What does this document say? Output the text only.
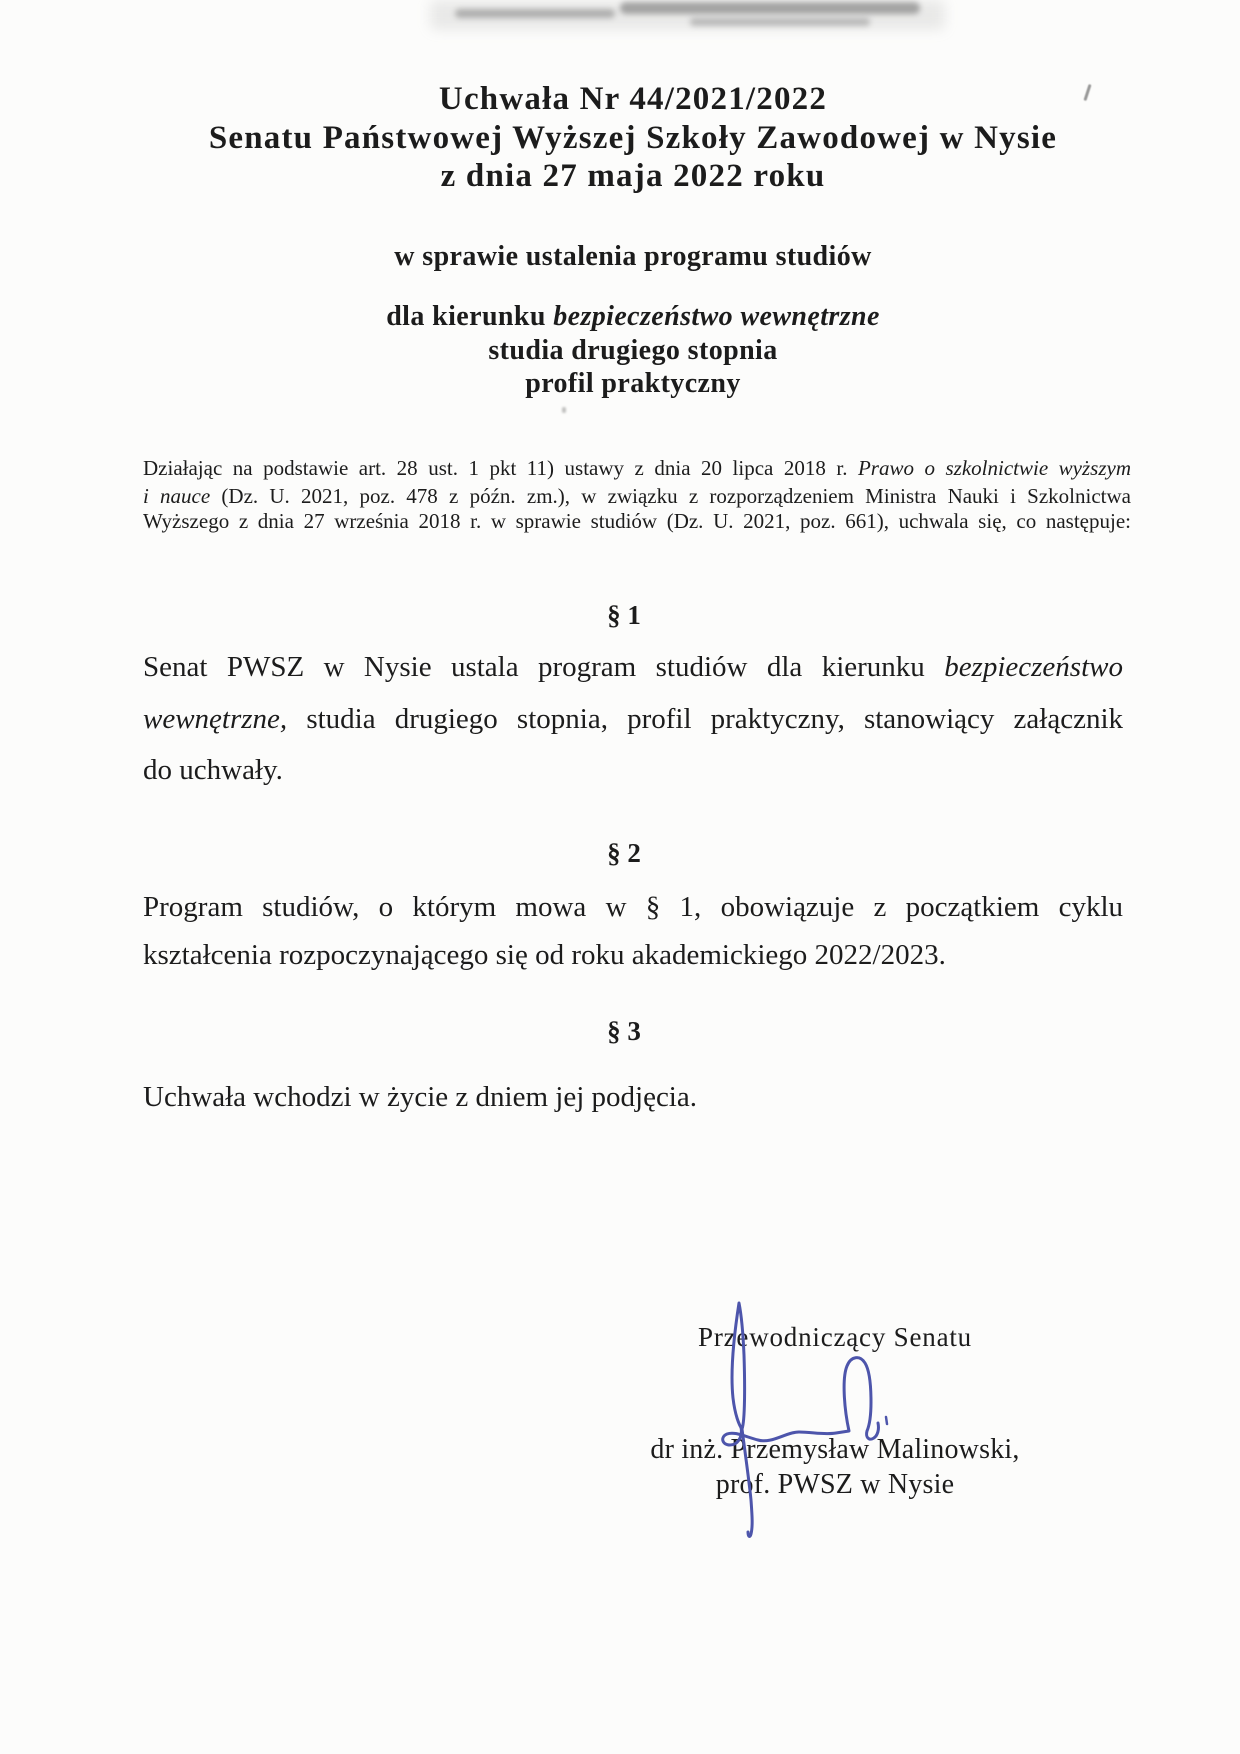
Uchwała Nr 44/2021/2022
Senatu Państwowej Wyższej Szkoły Zawodowej w Nysie
z dnia 27 maja 2022 roku
w sprawie ustalenia programu studiów
dla kierunku bezpieczeństwo wewnętrzne
studia drugiego stopnia
profil praktyczny
Działając na podstawie art. 28 ust. 1 pkt 11) ustawy z dnia 20 lipca 2018 r. Prawo o szkolnictwie wyższym
i nauce (Dz. U. 2021, poz. 478 z późn. zm.), w związku z rozporządzeniem Ministra Nauki i Szkolnictwa
Wyższego z dnia 27 września 2018 r. w sprawie studiów (Dz. U. 2021, poz. 661), uchwala się, co następuje:
§ 1
Senat PWSZ w Nysie ustala program studiów dla kierunku bezpieczeństwo
wewnętrzne, studia drugiego stopnia, profil praktyczny, stanowiący załącznik
do uchwały.
§ 2
Program studiów, o którym mowa w § 1, obowiązuje z początkiem cyklu
kształcenia rozpoczynającego się od roku akademickiego 2022/2023.
§ 3
Uchwała wchodzi w życie z dniem jej podjęcia.
Przewodniczący Senatu
dr inż. Przemysław Malinowski,
prof. PWSZ w Nysie
